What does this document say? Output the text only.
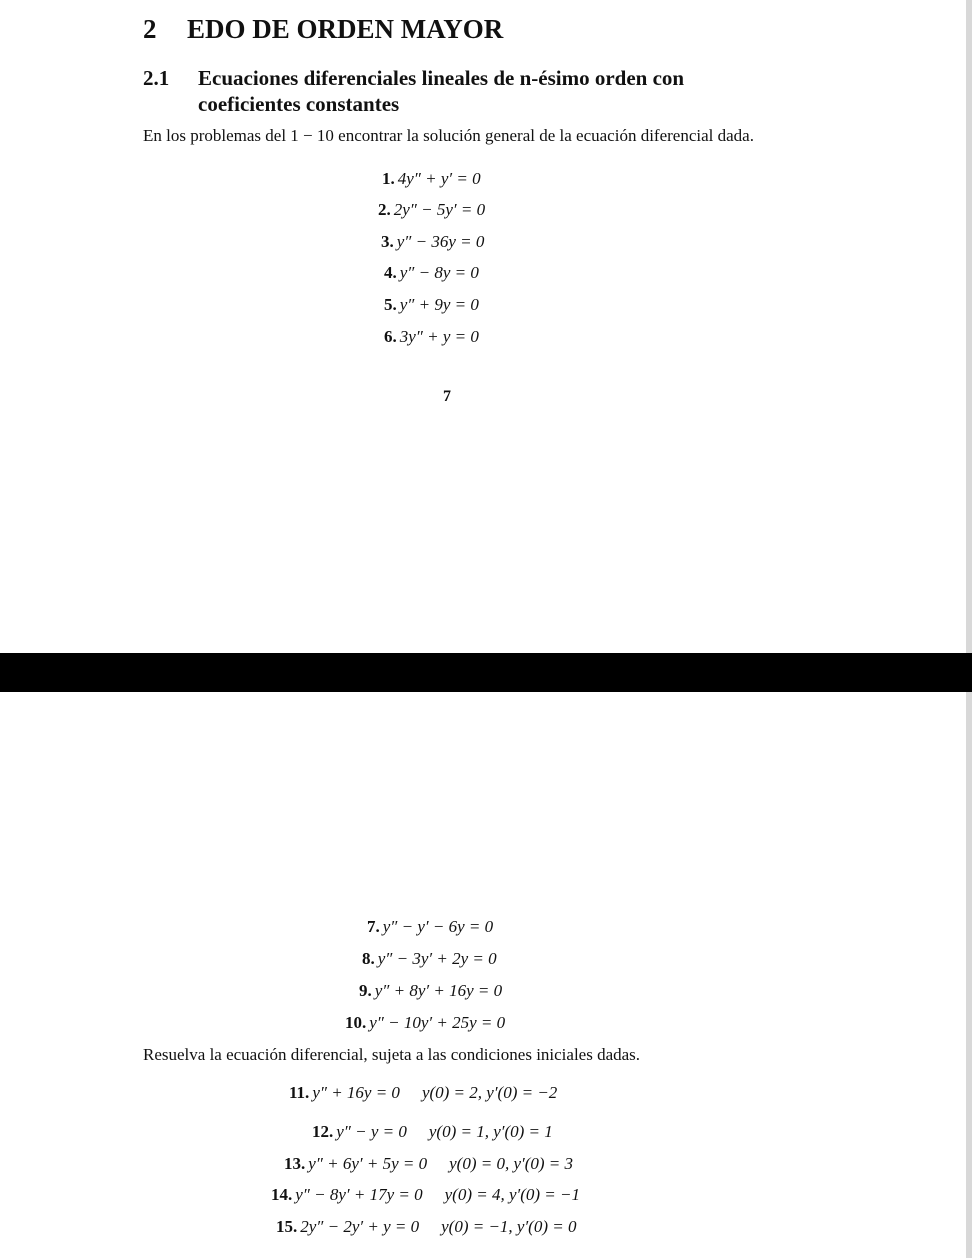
2 EDO DE ORDEN MAYOR
2.1 Ecuaciones diferenciales lineales de n-ésimo orden con coeficientes constantes
En los problemas del 1 − 10 encontrar la solución general de la ecuación diferencial dada.
1. 4y″ + y′ = 0
2. 2y″ − 5y′ = 0
3. y″ − 36y = 0
4. y″ − 8y = 0
5. y″ + 9y = 0
6. 3y″ + y = 0
7
7. y″ − y′ − 6y = 0
8. y″ − 3y′ + 2y = 0
9. y″ + 8y′ + 16y = 0
10. y″ − 10y′ + 25y = 0
Resuelva la ecuación diferencial, sujeta a las condiciones iniciales dadas.
11. y″ + 16y = 0 y(0) = 2, y′(0) = −2
12. y″ − y = 0 y(0) = 1, y′(0) = 1
13. y″ + 6y′ + 5y = 0 y(0) = 0, y′(0) = 3
14. y″ − 8y′ + 17y = 0 y(0) = 4, y′(0) = −1
15. 2y″ − 2y′ + y = 0 y(0) = −1, y′(0) = 0
